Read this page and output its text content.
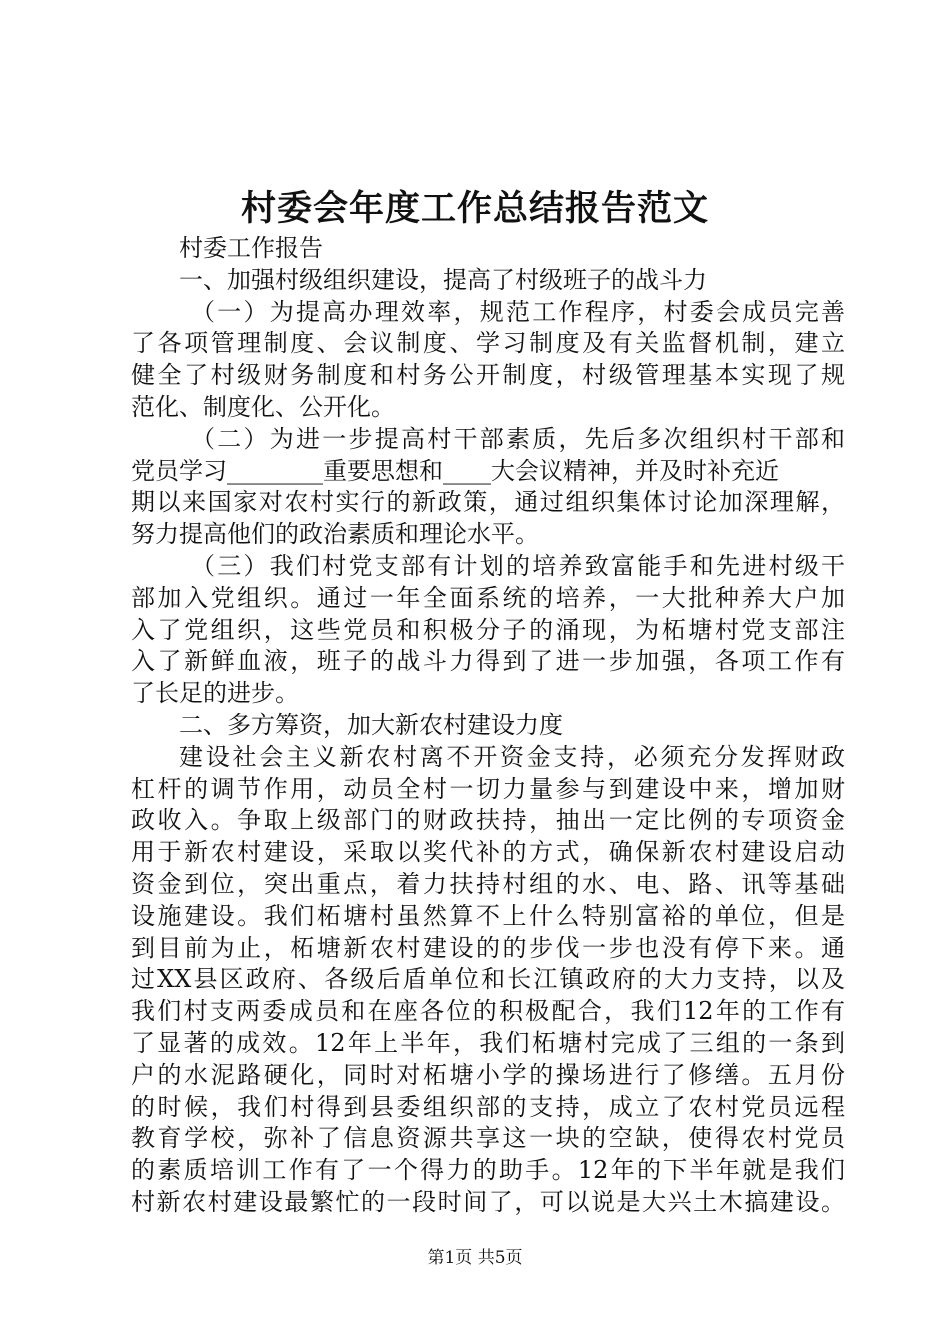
村委会年度工作总结报告范文
村委工作报告
一、加强村级组织建设，提高了村级班子的战斗力
（一）为提高办理效率，规范工作程序，村委会成员完善
了各项管理制度、会议制度、学习制度及有关监督机制，建立
健全了村级财务制度和村务公开制度，村级管理基本实现了规
范化、制度化、公开化。
（二）为进一步提高村干部素质，先后多次组织村干部和
党员学习________重要思想和____大会议精神，并及时补充近
期以来国家对农村实行的新政策，通过组织集体讨论加深理解，
努力提高他们的政治素质和理论水平。
（三）我们村党支部有计划的培养致富能手和先进村级干
部加入党组织。通过一年全面系统的培养，一大批种养大户加
入了党组织，这些党员和积极分子的涌现，为柘塘村党支部注
入了新鲜血液，班子的战斗力得到了进一步加强，各项工作有
了长足的进步。
二、多方筹资，加大新农村建设力度
建设社会主义新农村离不开资金支持，必须充分发挥财政
杠杆的调节作用，动员全村一切力量参与到建设中来，增加财
政收入。争取上级部门的财政扶持，抽出一定比例的专项资金
用于新农村建设，采取以奖代补的方式，确保新农村建设启动
资金到位，突出重点，着力扶持村组的水、电、路、讯等基础
设施建设。我们柘塘村虽然算不上什么特别富裕的单位，但是
到目前为止，柘塘新农村建设的的步伐一步也没有停下来。通
过XX县区政府、各级后盾单位和长江镇政府的大力支持，以及
我们村支两委成员和在座各位的积极配合，我们12年的工作有
了显著的成效。12年上半年，我们柘塘村完成了三组的一条到
户的水泥路硬化，同时对柘塘小学的操场进行了修缮。五月份
的时候，我们村得到县委组织部的支持，成立了农村党员远程
教育学校，弥补了信息资源共享这一块的空缺，使得农村党员
的素质培训工作有了一个得力的助手。12年的下半年就是我们
村新农村建设最繁忙的一段时间了，可以说是大兴土木搞建设。
第1页 共5页
